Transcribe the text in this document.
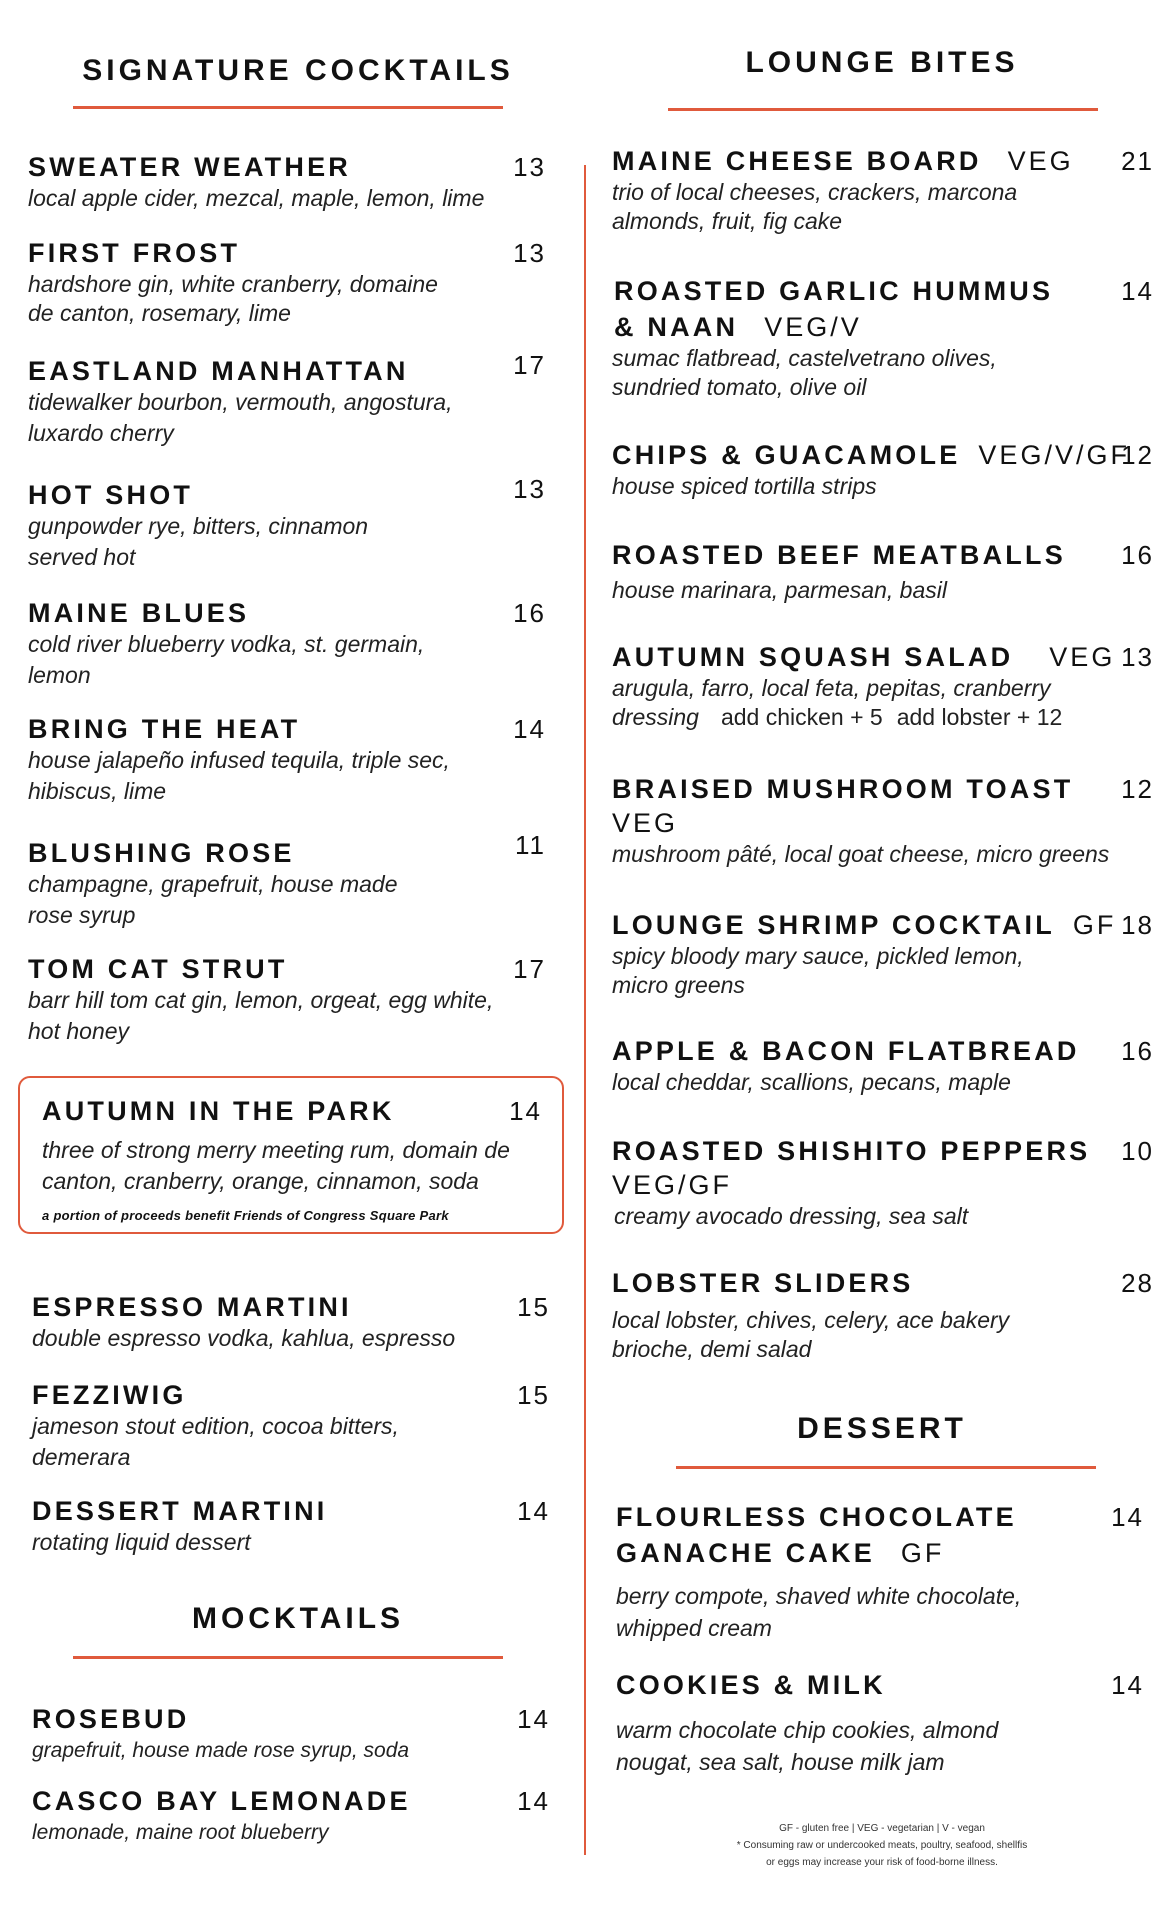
SIGNATURE COCKTAILS
SWEATER WEATHER	13
local apple cider, mezcal, maple, lemon, lime
FIRST FROST	13
hardshore gin, white cranberry, domaine
de canton, rosemary, lime
EASTLAND MANHATTAN	17
tidewalker bourbon, vermouth, angostura,
luxardo cherry
HOT SHOT	13
gunpowder rye, bitters, cinnamon
served hot
MAINE BLUES	16
cold river blueberry vodka, st. germain,
lemon
BRING THE HEAT	14
house jalapeño infused tequila, triple sec,
hibiscus, lime
BLUSHING ROSE	11
champagne, grapefruit, house made
rose syrup
TOM CAT STRUT	17
barr hill tom cat gin, lemon, orgeat, egg white,
hot honey
AUTUMN IN THE PARK	14
three of strong merry meeting rum, domain de
canton, cranberry, orange, cinnamon, soda
a portion of proceeds benefit Friends of Congress Square Park
ESPRESSO MARTINI	15
double espresso vodka, kahlua, espresso
FEZZIWIG	15
jameson stout edition, cocoa bitters,
demerara
DESSERT MARTINI	14
rotating liquid dessert
MOCKTAILS
ROSEBUD	14
grapefruit, house made rose syrup, soda
CASCO BAY LEMONADE	14
lemonade, maine root blueberry
LOUNGE BITES
MAINE CHEESE BOARD VEG	21
trio of local cheeses, crackers, marcona
almonds, fruit, fig cake
ROASTED GARLIC HUMMUS
& NAAN VEG/V
14
sumac flatbread, castelvetrano olives,
sundried tomato, olive oil
CHIPS & GUACAMOLE VEG/V/GF
12
house spiced tortilla strips
ROASTED BEEF MEATBALLS	16
house marinara, parmesan, basil
AUTUMN SQUASH SALAD VEG 13
arugula, farro, local feta, pepitas, cranberry
dressing add chicken + 5 add lobster + 12
BRAISED MUSHROOM TOAST
VEG
12
mushroom pâté, local goat cheese, micro greens
LOUNGE SHRIMP COCKTAIL GF 18
spicy bloody mary sauce, pickled lemon,
micro greens
APPLE & BACON FLATBREAD	16
local cheddar, scallions, pecans, maple
ROASTED SHISHITO PEPPERS
VEG/GF
10
creamy avocado dressing, sea salt
LOBSTER SLIDERS	28
local lobster, chives, celery, ace bakery
brioche, demi salad
DESSERT
FLOURLESS CHOCOLATE
GANACHE CAKE GF
14
berry compote, shaved white chocolate,
whipped cream
COOKIES & MILK	14
warm chocolate chip cookies, almond
nougat, sea salt, house milk jam
GF - gluten free | VEG - vegetarian | V - vegan
* Consuming raw or undercooked meats, poultry, seafood, shellfis
or eggs may increase your risk of food-borne illness.
